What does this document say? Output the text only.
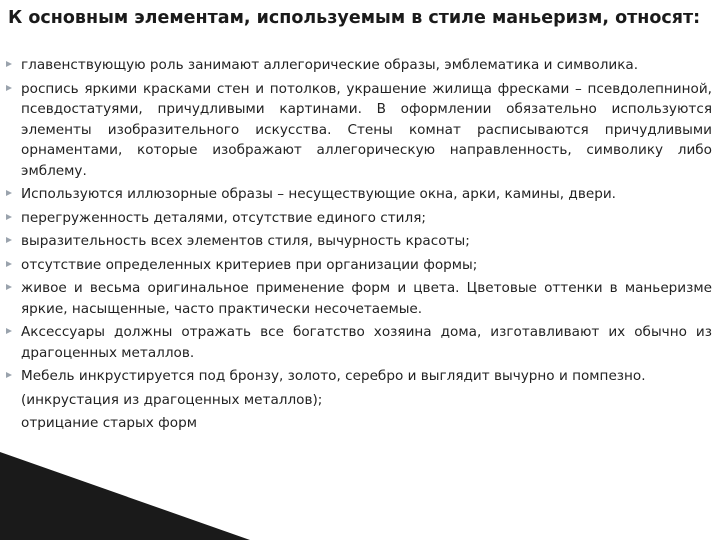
К основным элементам, используемым в стиле маньеризм, относят:
главенствующую роль занимают аллегорические образы, эмблематика и символика.
роспись яркими красками стен и потолков, украшение жилища фресками – псевдолепниной, псевдостатуями, причудливыми картинами. В оформлении обязательно используются элементы изобразительного искусства. Стены комнат расписываются причудливыми орнаментами, которые изображают аллегорическую направленность, символику либо эмблему.
Используются иллюзорные образы – несуществующие окна, арки, камины, двери.
перегруженность деталями, отсутствие единого стиля;
выразительность всех элементов стиля, вычурность красоты;
отсутствие определенных критериев при организации формы;
живое и весьма оригинальное применение форм и цвета. Цветовые оттенки в маньеризме яркие, насыщенные, часто практически несочетаемые.
Аксессуары должны отражать все богатство хозяина дома, изготавливают их обычно из драгоценных металлов.
Мебель инкрустируется под бронзу, золото, серебро и выглядит вычурно и помпезно.
(инкрустация из драгоценных металлов);
отрицание старых форм
